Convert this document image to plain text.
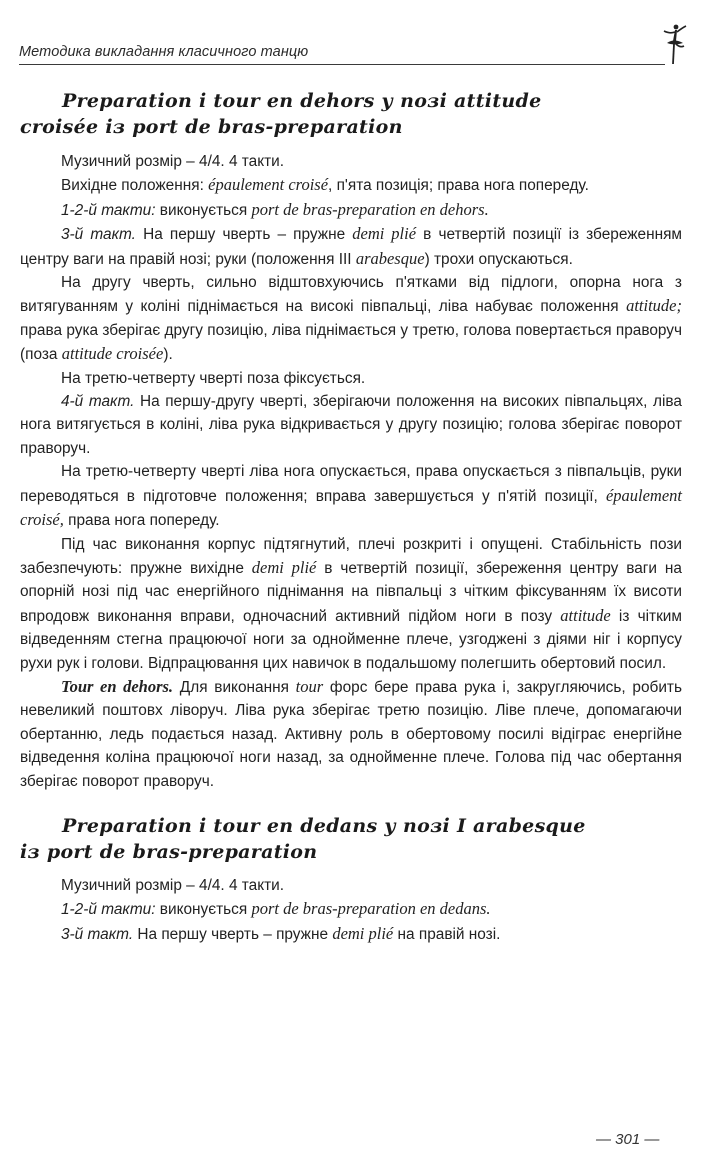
Методика викладання класичного танцю
Preparation i tour en dehors у позі attitude
croisée із port de bras-preparation

Музичний розмір – 4/4. 4 такти.

Вихідне положення: épaulement croisé, п'ята позиція; права нога попереду.

1-2-й такти: виконується port de bras-preparation en dehors.

3-й такт. На першу чверть – пружне demi plié в четвертій позиції із збереженням центру ваги на правій нозі; руки (положення III arabesque) трохи опускаються.

На другу чверть, сильно відштовхуючись п'ятками від підлоги, опорна нога з витягуванням у коліні піднімається на високі півпальці, ліва набуває положення attitude; права рука зберігає другу позицію, ліва піднімається у третю, голова повертається праворуч (поза attitude croisée).

На третю-четверту чверті поза фіксується.

4-й такт. На першу-другу чверті, зберігаючи положення на високих півпальцях, ліва нога витягується в коліні, ліва рука відкривається у другу позицію; голова зберігає поворот праворуч.

На третю-четверту чверті ліва нога опускається, права опускається з півпальців, руки переводяться в підготовче положення; вправа завершується у п'ятій позиції, épaulement croisé, права нога попереду.

Під час виконання корпус підтягнутий, плечі розкриті і опущені. Стабільність пози забезпечують: пружне вихідне demi plié в четвертій позиції, збереження центру ваги на опорній нозі під час енергійного піднімання на півпальці з чітким фіксуванням їх висоти впродовж виконання вправи, одночасний активний підйом ноги в позу attitude із чітким відведенням стегна працюючої ноги за однойменне плече, узгоджені з діями ніг і корпусу рухи рук і голови. Відпрацювання цих навичок в подальшому полегшить обертовий посил.

Tour en dehors. Для виконання tour форс бере права рука і, закругляючись, робить невеликий поштовх ліворуч. Ліва рука зберігає третю позицію. Ліве плече, допомагаючи обертанню, ледь подається назад. Активну роль в обертовому посилі відіграє енергійне відведення коліна працюючої ноги назад, за однойменне плече. Голова під час обертання зберігає поворот праворуч.

Preparation i tour en dedans у позі I arabesque
із port de bras-preparation

Музичний розмір – 4/4. 4 такти.

1-2-й такти: виконується port de bras-preparation en dedans.

3-й такт. На першу чверть – пружне demi plié на правій нозі.

— 301 —
